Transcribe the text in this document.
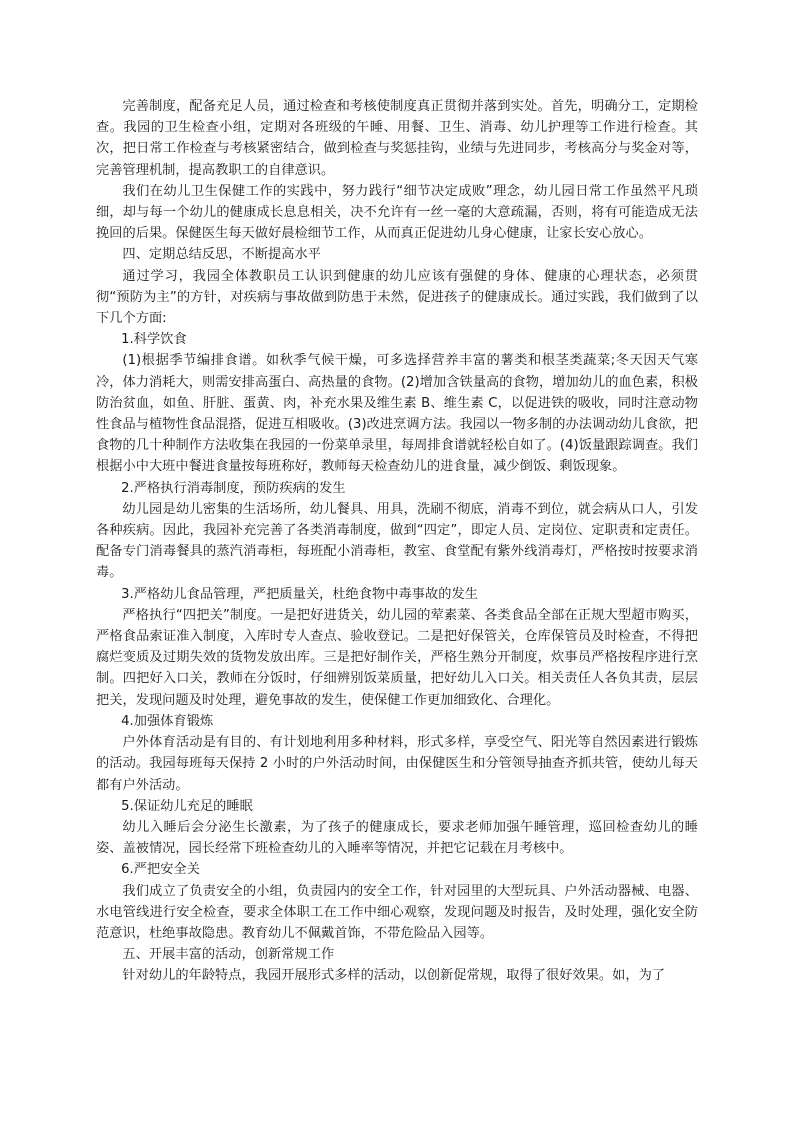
完善制度，配备充足人员，通过检查和考核使制度真正贯彻并落到实处。首先，明确分工，定期检查。我园的卫生检查小组，定期对各班级的午睡、用餐、卫生、消毒、幼儿护理等工作进行检查。其次，把日常工作检查与考核紧密结合，做到检查与奖惩挂钩，业绩与先进同步，考核高分与奖金对等，完善管理机制，提高教职工的自律意识。

我们在幼儿卫生保健工作的实践中，努力践行“细节决定成败”理念，幼儿园日常工作虽然平凡琐细，却与每一个幼儿的健康成长息息相关，决不允许有一丝一毫的大意疏漏，否则，将有可能造成无法挽回的后果。保健医生每天做好晨检细节工作，从而真正促进幼儿身心健康，让家长安心放心。

四、定期总结反思，不断提高水平

通过学习，我园全体教职员工认识到健康的幼儿应该有强健的身体、健康的心理状态，必须贯彻“预防为主”的方针，对疾病与事故做到防患于未然，促进孩子的健康成长。通过实践，我们做到了以下几个方面:

1.科学饮食

(1)根据季节编排食谱。如秋季气候干燥，可多选择营养丰富的薯类和根茎类蔬菜;冬天因天气寒冷，体力消耗大，则需安排高蛋白、高热量的食物。(2)增加含铁量高的食物，增加幼儿的血色素，积极防治贫血，如鱼、肝脏、蛋黄、肉，补充水果及维生素 B、维生素 C，以促进铁的吸收，同时注意动物性食品与植物性食品混搭，促进互相吸收。(3)改进烹调方法。我园以一物多制的办法调动幼儿食欲，把食物的几十种制作方法收集在我园的一份菜单录里，每周排食谱就轻松自如了。(4)饭量跟踪调查。我们根据小中大班中餐进食量按每班称好，教师每天检查幼儿的进食量，减少倒饭、剩饭现象。

2.严格执行消毒制度，预防疾病的发生

幼儿园是幼儿密集的生活场所，幼儿餐具、用具，洗刷不彻底，消毒不到位，就会病从口人，引发各种疾病。因此，我园补充完善了各类消毒制度，做到“四定”，即定人员、定岗位、定职责和定责任。配备专门消毒餐具的蒸汽消毒柜，每班配小消毒柜，教室、食堂配有紫外线消毒灯，严格按时按要求消毒。

3.严格幼儿食品管理，严把质量关，杜绝食物中毒事故的发生

严格执行“四把关”制度。一是把好进货关，幼儿园的荤素菜、各类食品全部在正规大型超市购买，严格食品索证准入制度，入库时专人查点、验收登记。二是把好保管关，仓库保管员及时检查，不得把腐烂变质及过期失效的货物发放出库。三是把好制作关，严格生熟分开制度，炊事员严格按程序进行烹制。四把好入口关，教师在分饭时，仔细辨别饭菜质量，把好幼儿入口关。相关责任人各负其责，层层把关，发现问题及时处理，避免事故的发生，使保健工作更加细致化、合理化。

4.加强体育锻炼

户外体育活动是有目的、有计划地利用多种材料，形式多样，享受空气、阳光等自然因素进行锻炼的活动。我园每班每天保持 2 小时的户外活动时间，由保健医生和分管领导抽查齐抓共管，使幼儿每天都有户外活动。

5.保证幼儿充足的睡眠

幼儿入睡后会分泌生长激素，为了孩子的健康成长，要求老师加强午睡管理，巡回检查幼儿的睡姿、盖被情况，园长经常下班检查幼儿的入睡率等情况，并把它记载在月考核中。

6.严把安全关

我们成立了负责安全的小组，负责园内的安全工作，针对园里的大型玩具、户外活动器械、电器、水电管线进行安全检查，要求全体职工在工作中细心观察，发现问题及时报告，及时处理，强化安全防范意识，杜绝事故隐患。教育幼儿不佩戴首饰，不带危险品入园等。

五、开展丰富的活动，创新常规工作

针对幼儿的年龄特点，我园开展形式多样的活动，以创新促常规，取得了很好效果。如，为了
